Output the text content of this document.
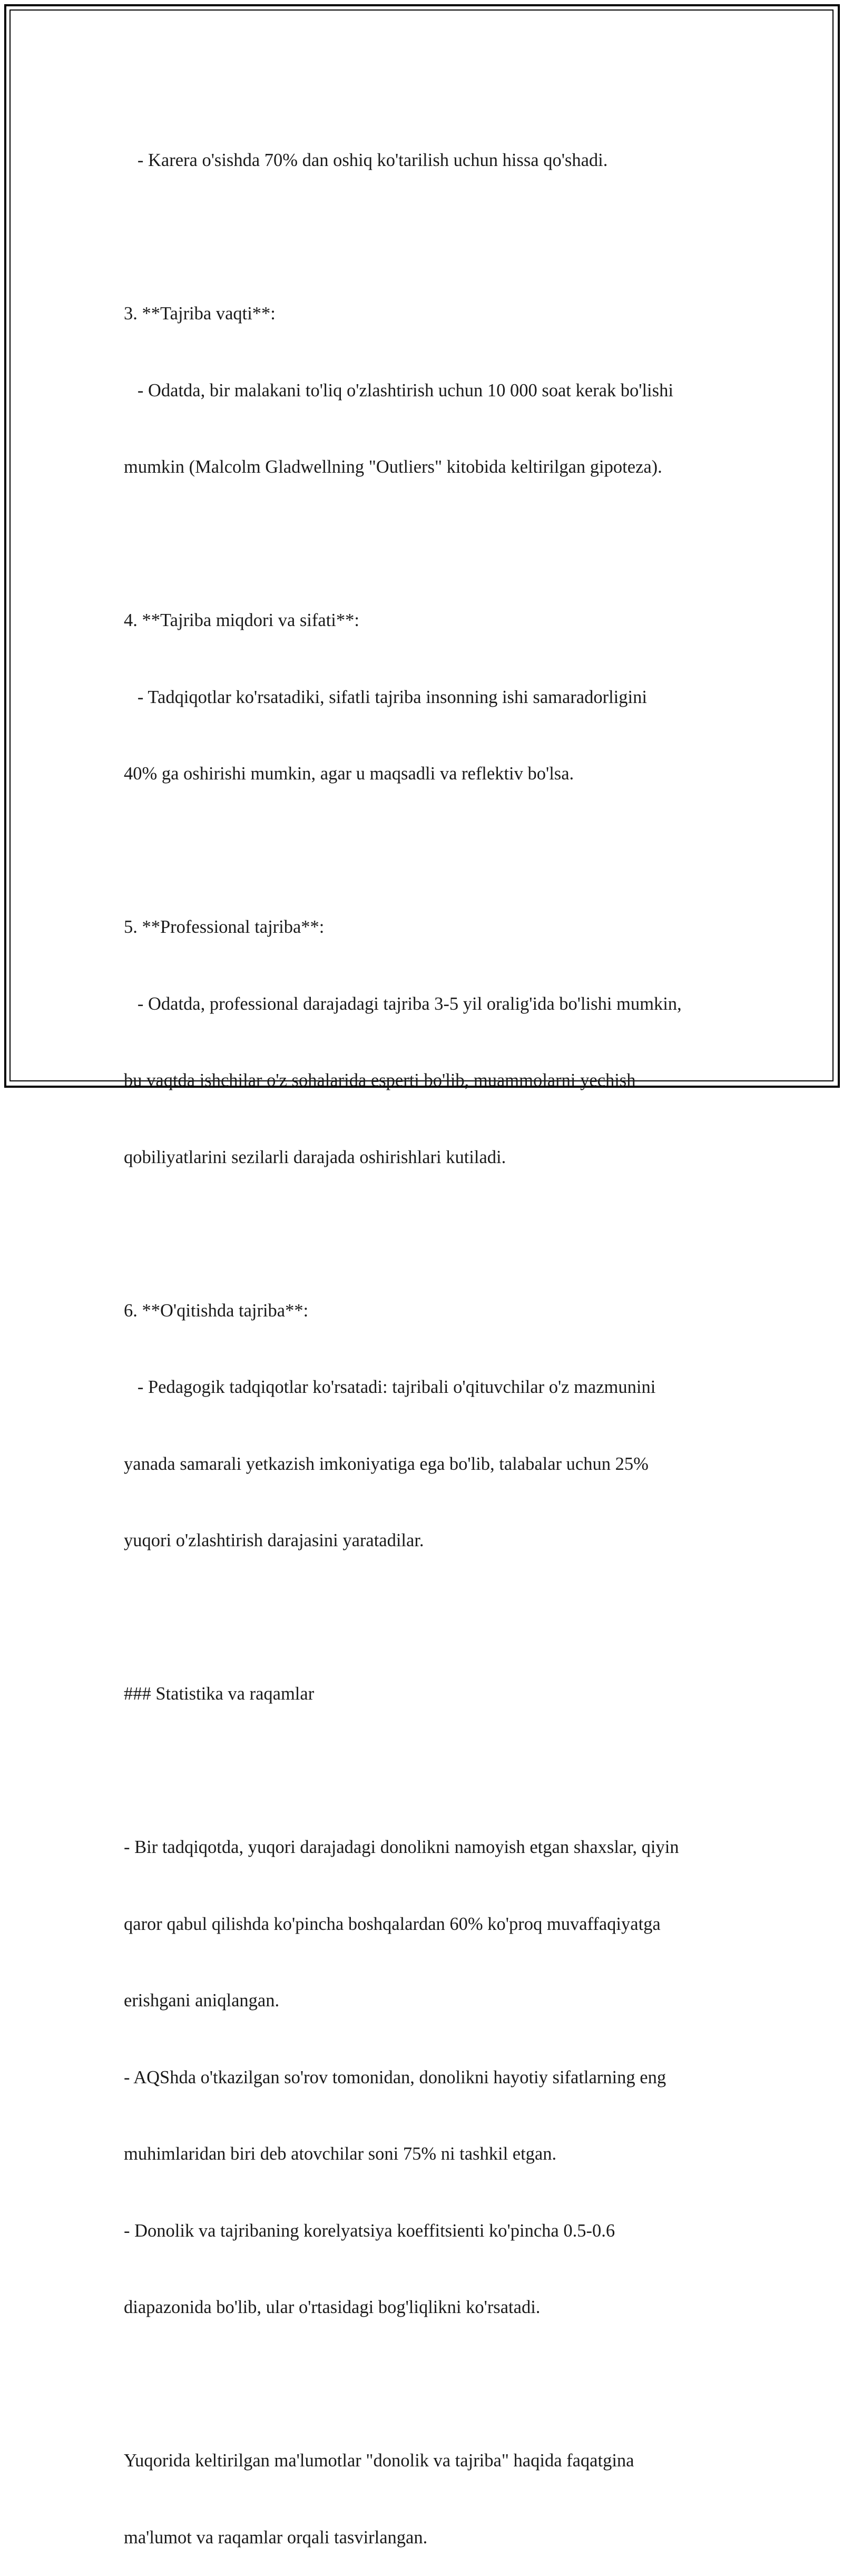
- Karera o'sishda 70% dan oshiq ko'tarilish uchun hissa qo'shadi.

3. **Tajriba vaqti**:

- Odatda, bir malakani to'liq o'zlashtirish uchun 10 000 soat kerak bo'lishi

mumkin (Malcolm Gladwellning "Outliers" kitobida keltirilgan gipoteza).

4. **Tajriba miqdori va sifati**:

- Tadqiqotlar ko'rsatadiki, sifatli tajriba insonning ishi samaradorligini

40% ga oshirishi mumkin, agar u maqsadli va reflektiv bo'lsa.

5. **Professional tajriba**:

- Odatda, professional darajadagi tajriba 3-5 yil oralig'ida bo'lishi mumkin,

bu vaqtda ishchilar o'z sohalarida esperti bo'lib, muammolarni yechish

qobiliyatlarini sezilarli darajada oshirishlari kutiladi.

6. **O'qitishda tajriba**:

- Pedagogik tadqiqotlar ko'rsatadi: tajribali o'qituvchilar o'z mazmunini

yanada samarali yetkazish imkoniyatiga ega bo'lib, talabalar uchun 25%

yuqori o'zlashtirish darajasini yaratadilar.

### Statistika va raqamlar

- Bir tadqiqotda, yuqori darajadagi donolikni namoyish etgan shaxslar, qiyin

qaror qabul qilishda ko'pincha boshqalardan 60% ko'proq muvaffaqiyatga

erishgani aniqlangan.

- AQShda o'tkazilgan so'rov tomonidan, donolikni hayotiy sifatlarning eng

muhimlaridan biri deb atovchilar soni 75% ni tashkil etgan.

- Donolik va tajribaning korelyatsiya koeffitsienti ko'pincha 0.5-0.6

diapazonida bo'lib, ular o'rtasidagi bog'liqlikni ko'rsatadi.

Yuqorida keltirilgan ma'lumotlar "donolik va tajriba" haqida faqatgina

ma'lumot va raqamlar orqali tasvirlangan.
